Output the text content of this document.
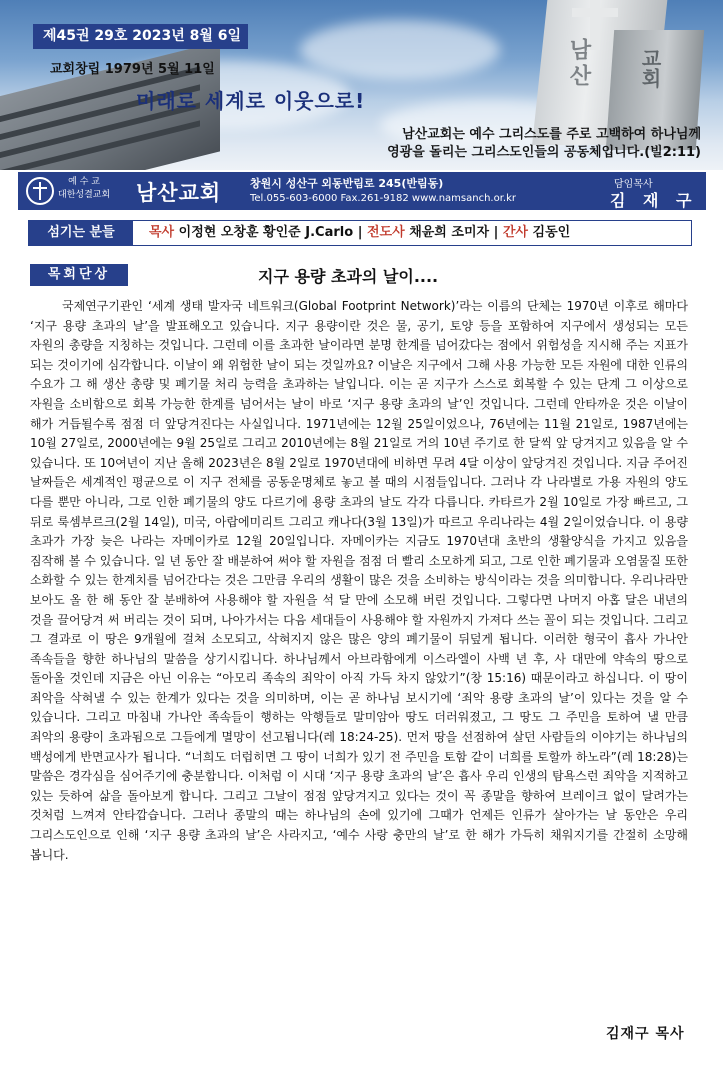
남산 교회
제45권 29호 2023년 8월 6일
교회창립 1979년 5월 11일
미래로 세계로 이웃으로!
남산교회는 예수 그리스도를 주로 고백하여 하나님께
영광을 돌리는 그리스도인들의 공동체입니다.(빌2:11)
예 수 교
대한성결교회 남산교회	창원시 성산구 외동반림로 245(반림동)
Tel.055-603-6000 Fax.261-9182 www.namsanch.or.kr
담임목사
김 재 구
섬기는 분들	목사 이정현 오창훈 황인준 J.Carlo | 전도사 채윤희 조미자 | 간사 김동인
목회단상	지구 용량 초과의 날이....

국제연구기관인 ‘세계 생태 발자국 네트워크(Global Footprint Network)’라는 이름의 단체는 1970년 이후로 해마다 ‘지구 용량 초과의 날’을 발표해오고 있습니다. 지구 용량이란 것은 물, 공기, 토양 등을 포함하여 지구에서 생성되는 모든 자원의 총량을 지칭하는 것입니다. 그런데 이를 초과한 날이라면 분명 한계를 넘어갔다는 점에서 위험성을 지시해 주는 지표가 되는 것이기에 심각합니다. 이날이 왜 위험한 날이 되는 것일까요? 이날은 지구에서 그해 사용 가능한 모든 자원에 대한 인류의 수요가 그 해 생산 총량 및 폐기물 처리 능력을 초과하는 날입니다. 이는 곧 지구가 스스로 회복할 수 있는 단계 그 이상으로 자원을 소비함으로 회복 가능한 한계를 넘어서는 날이 바로 ‘지구 용량 초과의 날’인 것입니다. 그런데 안타까운 것은 이날이 해가 거듭될수록 점점 더 앞당겨진다는 사실입니다. 1971년에는 12월 25일이었으나, 76년에는 11월 21일로, 1987년에는 10월 27일로, 2000년에는 9월 25일로 그리고 2010년에는 8월 21일로 거의 10년 주기로 한 달씩 앞 당겨지고 있음을 알 수 있습니다. 또 10여년이 지난 올해 2023년은 8월 2일로 1970년대에 비하면 무려 4달 이상이 앞당겨진 것입니다. 지금 주어진 날짜들은 세계적인 평균으로 이 지구 전체를 공동운명체로 놓고 볼 때의 시점들입니다. 그러나 각 나라별로 가용 자원의 양도 다를 뿐만 아니라, 그로 인한 폐기물의 양도 다르기에 용량 초과의 날도 각각 다릅니다. 카타르가 2월 10일로 가장 빠르고, 그 뒤로 룩셈부르크(2월 14일), 미국, 아랍에미리트 그리고 캐나다(3월 13일)가 따르고 우리나라는 4월 2일이었습니다. 이 용량 초과가 가장 늦은 나라는 자메이카로 12월 20일입니다. 자메이카는 지금도 1970년대 초반의 생활양식을 가지고 있음을 짐작해 볼 수 있습니다. 일 년 동안 잘 배분하여 써야 할 자원을 점점 더 빨리 소모하게 되고, 그로 인한 폐기물과 오염물질 또한 소화할 수 있는 한계치를 넘어간다는 것은 그만큼 우리의 생활이 많은 것을 소비하는 방식이라는 것을 의미합니다. 우리나라만 보아도 올 한 해 동안 잘 분배하여 사용해야 할 자원을 석 달 만에 소모해 버린 것입니다. 그렇다면 나머지 아홉 달은 내년의 것을 끌어당겨 써 버리는 것이 되며, 나아가서는 다음 세대들이 사용해야 할 자원까지 가져다 쓰는 꼴이 되는 것입니다. 그리고 그 결과로 이 땅은 9개월에 걸쳐 소모되고, 삭혀지지 않은 많은 양의 폐기물이 뒤덮게 됩니다. 이러한 형국이 흡사 가나안 족속들을 향한 하나님의 말씀을 상기시킵니다. 하나님께서 아브라함에게 이스라엘이 사백 년 후, 사 대만에 약속의 땅으로 돌아올 것인데 지금은 아닌 이유는 “아모리 족속의 죄악이 아직 가득 차지 않았기”(창 15:16) 때문이라고 하십니다. 이 땅이 죄악을 삭혀낼 수 있는 한계가 있다는 것을 의미하며, 이는 곧 하나님 보시기에 ‘죄악 용량 초과의 날’이 있다는 것을 알 수 있습니다. 그리고 마침내 가나안 족속들이 행하는 악행들로 말미암아 땅도 더러워졌고, 그 땅도 그 주민을 토하여 낼 만큼 죄악의 용량이 초과됨으로 그들에게 멸망이 선고됩니다(레 18:24-25). 먼저 땅을 선점하여 살던 사람들의 이야기는 하나님의 백성에게 반면교사가 됩니다. “너희도 더럽히면 그 땅이 너희가 있기 전 주민을 토함 같이 너희를 토할까 하노라”(레 18:28)는 말씀은 경각심을 심어주기에 충분합니다. 이처럼 이 시대 ‘지구 용량 초과의 날’은 흡사 우리 인생의 탐욕스런 죄악을 지적하고 있는 듯하여 삶을 돌아보게 합니다. 그리고 그날이 점점 앞당겨지고 있다는 것이 꼭 종말을 향하여 브레이크 없이 달려가는 것처럼 느껴져 안타깝습니다. 그러나 종말의 때는 하나님의 손에 있기에 그때가 언제든 인류가 살아가는 날 동안은 우리 그리스도인으로 인해 ‘지구 용량 초과의 날’은 사라지고, ‘예수 사랑 충만의 날’로 한 해가 가득히 채워지기를 간절히 소망해 봅니다.

김재구 목사
